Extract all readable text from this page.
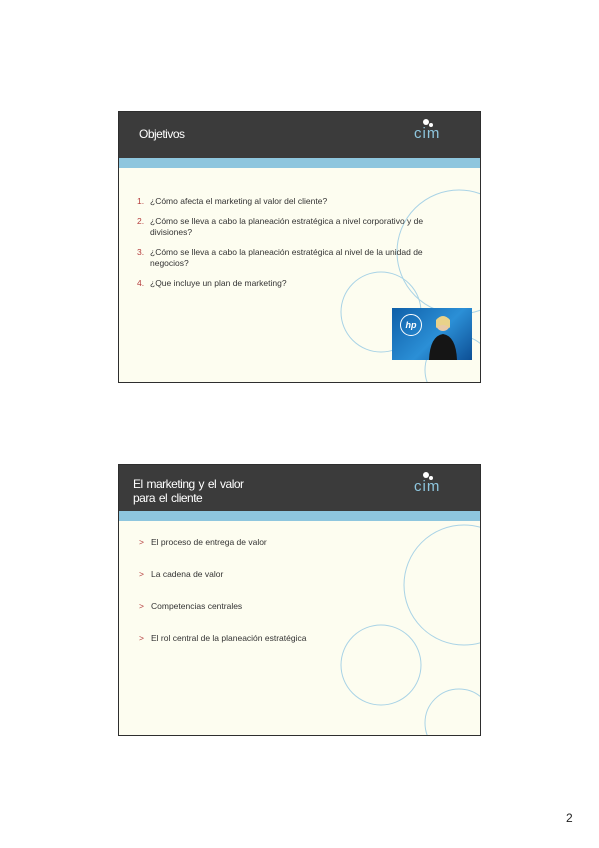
Objetivos	cim
1. ¿Cómo afecta el marketing al valor del cliente?
2. ¿Cómo se lleva a cabo la planeación estratégica a nivel corporativo y de divisiones?
3. ¿Cómo se lleva a cabo la planeación estratégica al nivel de la unidad de negocios?
4. ¿Que incluye un plan de marketing?
hp
El marketing y el valor
para el cliente
cim
> El proceso de entrega de valor
> La cadena de valor
> Competencias centrales
> El rol central de la planeación estratégica
2
